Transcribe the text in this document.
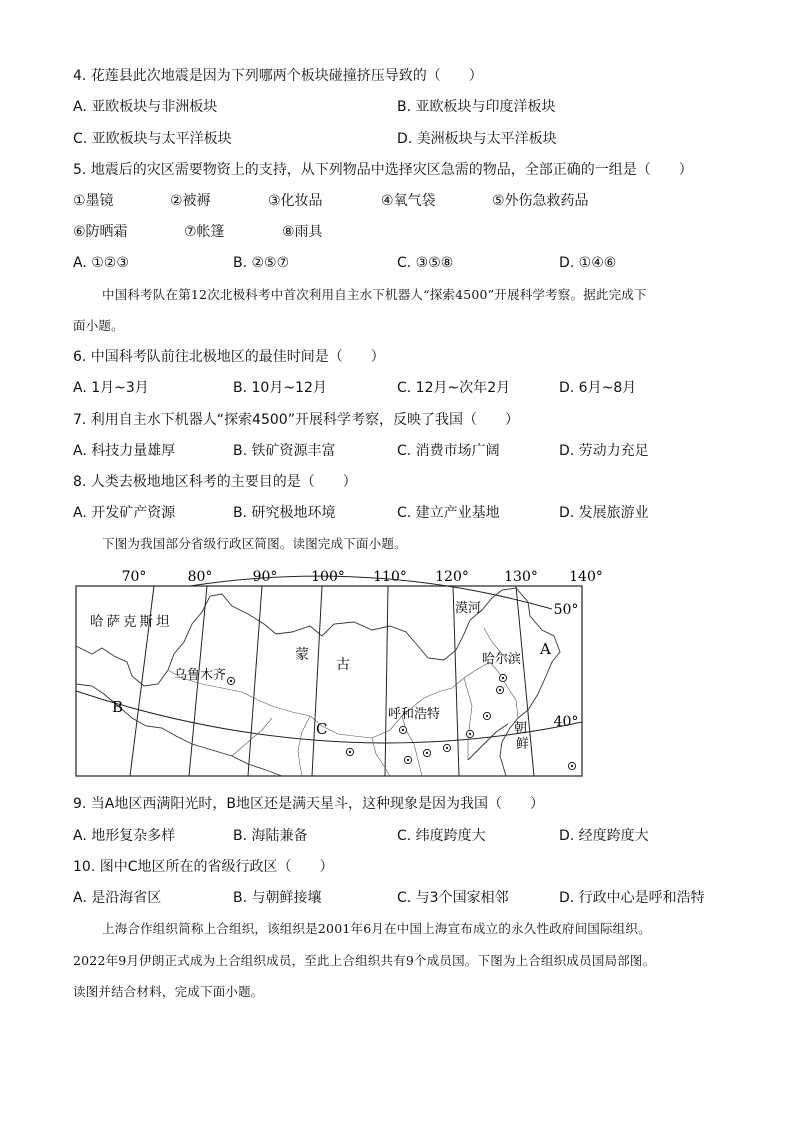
4. 花莲县此次地震是因为下列哪两个板块碰撞挤压导致的（　　）
A. 亚欧板块与非洲板块	B. 亚欧板块与印度洋板块
C. 亚欧板块与太平洋板块	D. 美洲板块与太平洋板块
5. 地震后的灾区需要物资上的支持，从下列物品中选择灾区急需的物品，全部正确的一组是（　　）
①墨镜	②被褥	③化妆品	④氧气袋	⑤外伤急救药品
⑥防晒霜	⑦帐篷	⑧雨具
A. ①②③	B. ②⑤⑦	C. ③⑤⑧	D. ①④⑥
中国科考队在第12次北极科考中首次利用自主水下机器人“探索4500”开展科学考察。据此完成下
面小题。
6. 中国科考队前往北极地区的最佳时间是（　　）
A. 1月~3月	B. 10月~12月	C. 12月~次年2月	D. 6月~8月
7. 利用自主水下机器人“探索4500”开展科学考察，反映了我国（　　）
A. 科技力量雄厚	B. 铁矿资源丰富	C. 消费市场广阔	D. 劳动力充足
8. 人类去极地地区科考的主要目的是（　　）
A. 开发矿产资源	B. 研究极地环境	C. 建立产业基地	D. 发展旅游业
下图为我国部分省级行政区简图。读图完成下面小题。
70°	80°	90° 100° 110° 120°	130° 140°
50°
40°
哈萨克斯坦
乌鲁木齐
蒙
古
漠河
哈尔滨
呼和浩特
朝
鲜
A
B
C
9. 当A地区西满阳光时，B地区还是满天星斗，这种现象是因为我国（　　）
A. 地形复杂多样	B. 海陆兼备	C. 纬度跨度大	D. 经度跨度大
10. 图中C地区所在的省级行政区（　　）
A. 是沿海省区	B. 与朝鲜接壤	C. 与3个国家相邻	D. 行政中心是呼和浩特
上海合作组织简称上合组织，该组织是2001年6月在中国上海宣布成立的永久性政府间国际组织。
2022年9月伊朗正式成为上合组织成员，至此上合组织共有9个成员国。下图为上合组织成员国局部图。
读图并结合材料，完成下面小题。
